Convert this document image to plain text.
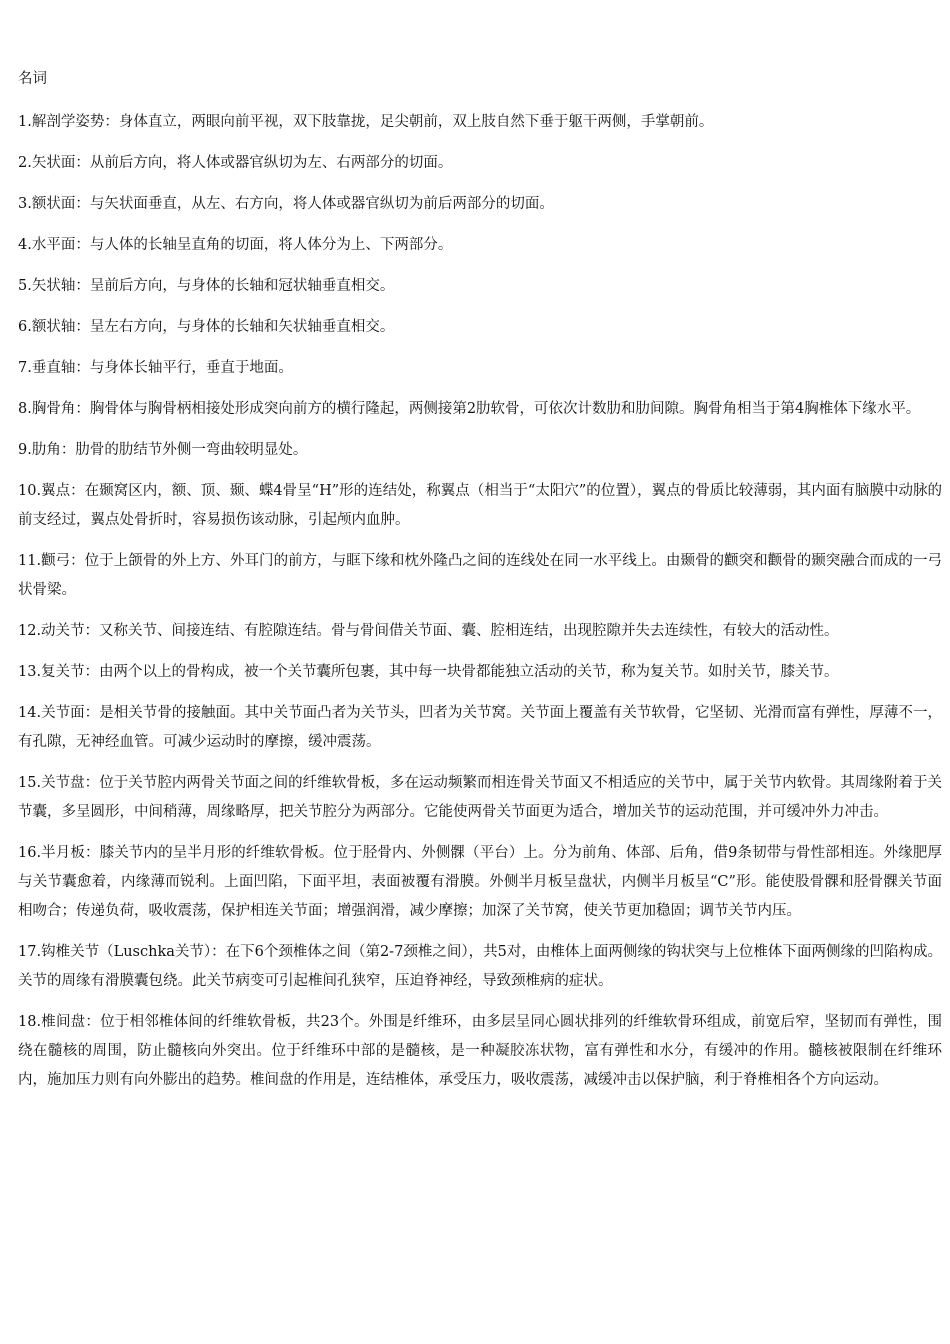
名词

1.解剖学姿势：身体直立，两眼向前平视，双下肢靠拢，足尖朝前，双上肢自然下垂于躯干两侧，手掌朝前。

2.矢状面：从前后方向，将人体或器官纵切为左、右两部分的切面。

3.额状面：与矢状面垂直，从左、右方向，将人体或器官纵切为前后两部分的切面。

4.水平面：与人体的长轴呈直角的切面，将人体分为上、下两部分。

5.矢状轴：呈前后方向，与身体的长轴和冠状轴垂直相交。

6.额状轴：呈左右方向，与身体的长轴和矢状轴垂直相交。

7.垂直轴：与身体长轴平行，垂直于地面。

8.胸骨角：胸骨体与胸骨柄相接处形成突向前方的横行隆起，两侧接第2肋软骨，可依次计数肋和肋间隙。胸骨角相当于第4胸椎体下缘水平。

9.肋角：肋骨的肋结节外侧一弯曲较明显处。

10.翼点：在颞窝区内，额、顶、颞、蝶4骨呈“H”形的连结处，称翼点（相当于“太阳穴”的位置），翼点的骨质比较薄弱，其内面有脑膜中动脉的前支经过，翼点处骨折时，容易损伤该动脉，引起颅内血肿。

11.颧弓：位于上颌骨的外上方、外耳门的前方，与眶下缘和枕外隆凸之间的连线处在同一水平线上。由颞骨的颧突和颧骨的颞突融合而成的一弓状骨梁。

12.动关节：又称关节、间接连结、有腔隙连结。骨与骨间借关节面、囊、腔相连结，出现腔隙并失去连续性，有较大的活动性。

13.复关节：由两个以上的骨构成，被一个关节囊所包裹，其中每一块骨都能独立活动的关节，称为复关节。如肘关节，膝关节。

14.关节面：是相关节骨的接触面。其中关节面凸者为关节头，凹者为关节窝。关节面上覆盖有关节软骨，它坚韧、光滑而富有弹性，厚薄不一，有孔隙，无神经血管。可减少运动时的摩擦，缓冲震荡。

15.关节盘：位于关节腔内两骨关节面之间的纤维软骨板，多在运动频繁而相连骨关节面又不相适应的关节中，属于关节内软骨。其周缘附着于关节囊，多呈圆形，中间稍薄，周缘略厚，把关节腔分为两部分。它能使两骨关节面更为适合，增加关节的运动范围，并可缓冲外力冲击。

16.半月板：膝关节内的呈半月形的纤维软骨板。位于胫骨内、外侧髁（平台）上。分为前角、体部、后角，借9条韧带与骨性部相连。外缘肥厚与关节囊愈着，内缘薄而锐利。上面凹陷，下面平坦，表面被覆有滑膜。外侧半月板呈盘状，内侧半月板呈“C”形。能使股骨髁和胫骨髁关节面相吻合；传递负荷，吸收震荡，保护相连关节面；增强润滑，减少摩擦；加深了关节窝，使关节更加稳固；调节关节内压。

17.钩椎关节（Luschka关节）：在下6个颈椎体之间（第2-7颈椎之间），共5对，由椎体上面两侧缘的钩状突与上位椎体下面两侧缘的凹陷构成。关节的周缘有滑膜囊包绕。此关节病变可引起椎间孔狭窄，压迫脊神经，导致颈椎病的症状。

18.椎间盘：位于相邻椎体间的纤维软骨板，共23个。外围是纤维环，由多层呈同心圆状排列的纤维软骨环组成，前宽后窄，坚韧而有弹性，围绕在髓核的周围，防止髓核向外突出。位于纤维环中部的是髓核，是一种凝胶冻状物，富有弹性和水分，有缓冲的作用。髓核被限制在纤维环内，施加压力则有向外膨出的趋势。椎间盘的作用是，连结椎体，承受压力，吸收震荡，减缓冲击以保护脑，利于脊椎相各个方向运动。
